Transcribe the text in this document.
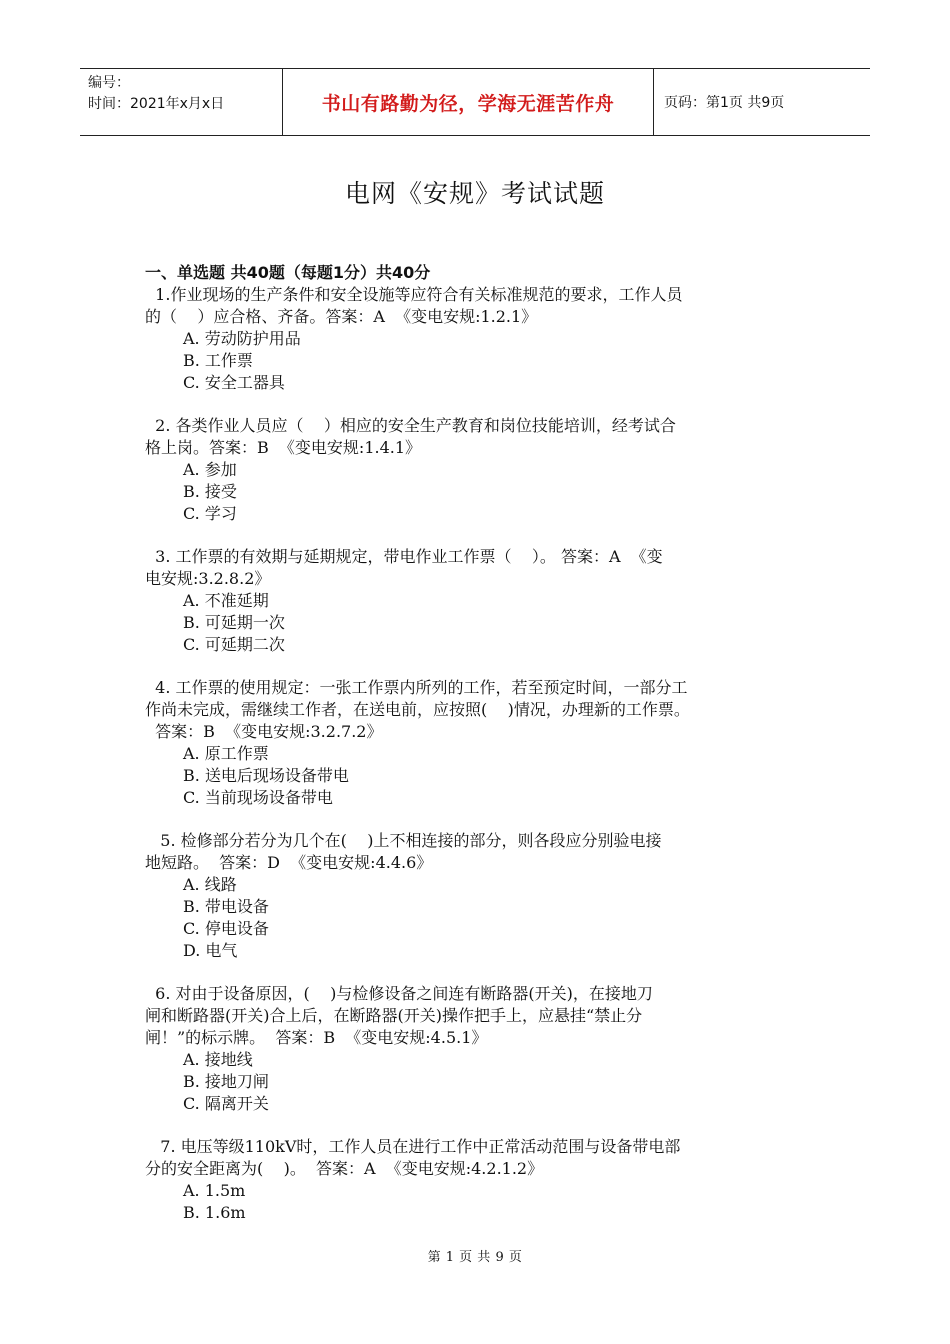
编号：
时间：2021年x月x日	书山有路勤为径，学海无涯苦作舟	页码：第1页 共9页
电网《安规》考试试题

一、单选题 共40题（每题1分）共40分

1.作业现场的生产条件和安全设施等应符合有关标准规范的要求，工作人员

的（    ）应合格、齐备。答案：A  《变电安规:1.2.1》

A. 劳动防护用品

B. 工作票

C. 安全工器具

2. 各类作业人员应（    ）相应的安全生产教育和岗位技能培训，经考试合

格上岗。答案：B  《变电安规:1.4.1》

A. 参加

B. 接受

C. 学习

3. 工作票的有效期与延期规定，带电作业工作票（    ）。 答案：A  《变

电安规:3.2.8.2》

A. 不准延期

B. 可延期一次

C. 可延期二次

4. 工作票的使用规定：一张工作票内所列的工作，若至预定时间，一部分工

作尚未完成，需继续工作者，在送电前，应按照(    )情况，办理新的工作票。

答案：B  《变电安规:3.2.7.2》

A. 原工作票

B. 送电后现场设备带电

C. 当前现场设备带电

5. 检修部分若分为几个在(    )上不相连接的部分，则各段应分别验电接

地短路。  答案：D  《变电安规:4.4.6》

A. 线路

B. 带电设备

C. 停电设备

D. 电气

6. 对由于设备原因，(    )与检修设备之间连有断路器(开关)，在接地刀

闸和断路器(开关)合上后，在断路器(开关)操作把手上，应悬挂“禁止分

闸！”的标示牌。  答案：B  《变电安规:4.5.1》

A. 接地线

B. 接地刀闸

C. 隔离开关

7. 电压等级110kV时，工作人员在进行工作中正常活动范围与设备带电部

分的安全距离为(    )。  答案：A  《变电安规:4.2.1.2》

A. 1.5m

B. 1.6m

第 1 页 共 9 页
